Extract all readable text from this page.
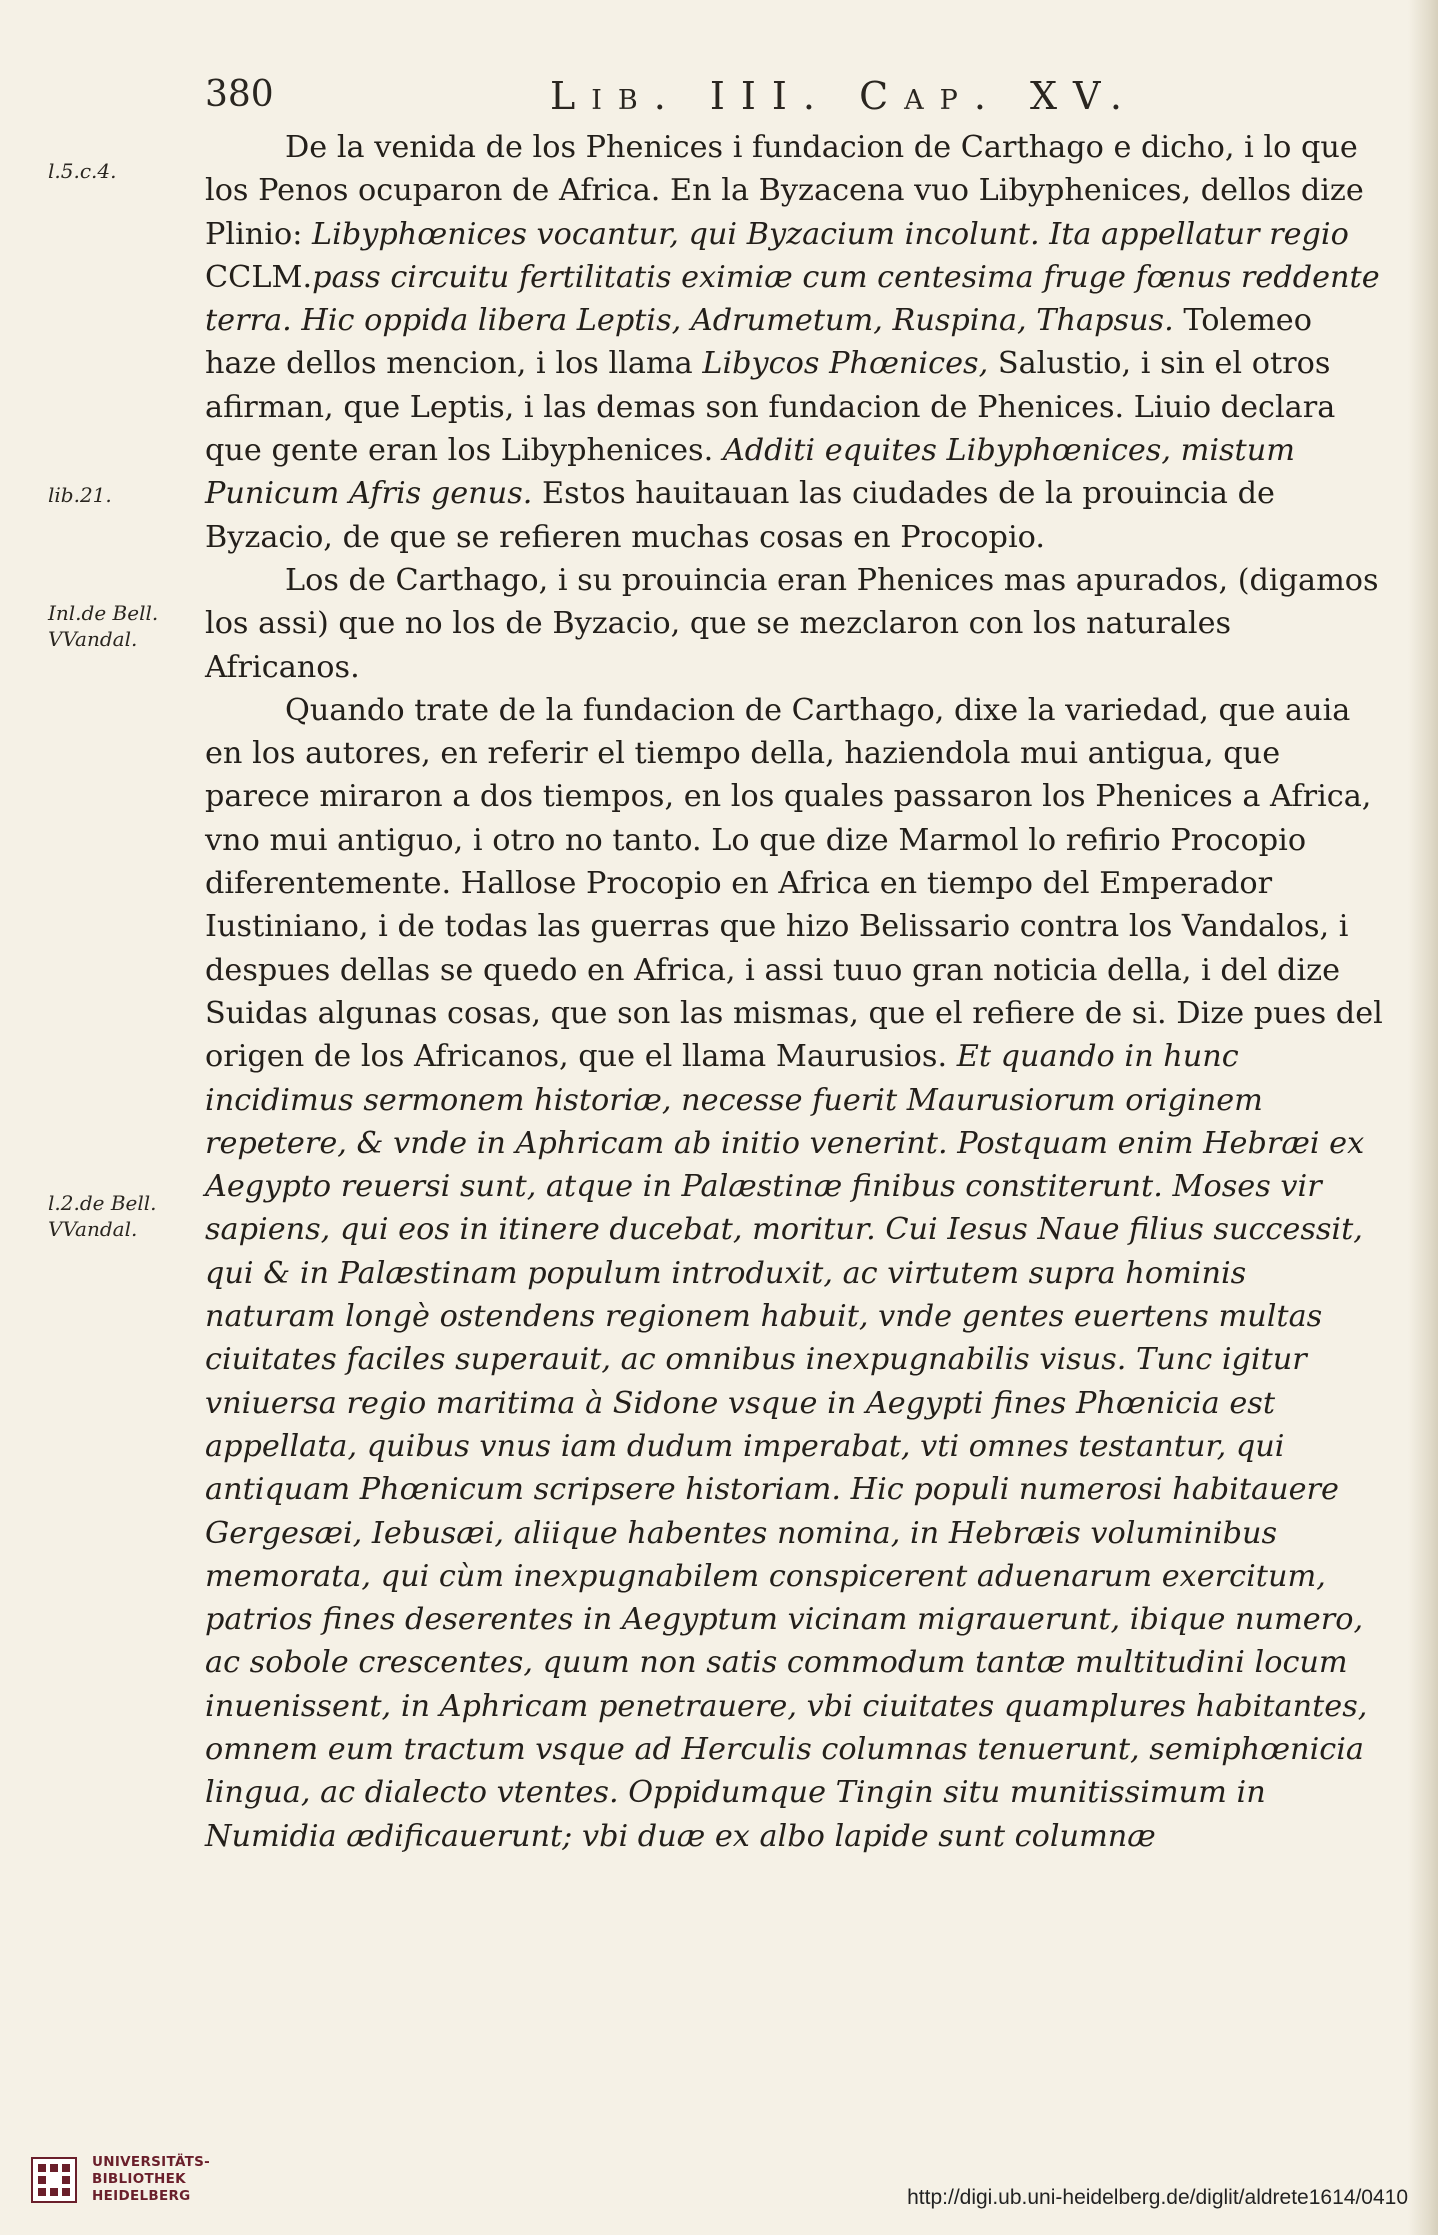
380	Lib. III. Cap. XV.
l.5.c.4.
lib.21.
Inl.de Bell. VVandal.
l.2.de Bell. VVandal.

De la venida de los Phenices i fundacion de Carthago e dicho, i lo que los Penos ocuparon de Africa. En la Byzacena vuo Libyphenices, dellos dize Plinio: Libyphœnices vocantur, qui Byzacium incolunt. Ita appellatur regio CCLM.pass circuitu fertilitatis eximiæ cum centesima fruge fœnus reddente terra. Hic oppida libera Leptis, Adrumetum, Ruspina, Thapsus. Tolemeo haze dellos mencion, i los llama Libycos Phœnices, Salustio, i sin el otros afirman, que Leptis, i las demas son fundacion de Phenices. Liuio declara que gente eran los Libyphenices. Additi equites Libyphœnices, mistum Punicum Afris genus. Estos hauitauan las ciudades de la prouincia de Byzacio, de que se refieren muchas cosas en Procopio.

Los de Carthago, i su prouincia eran Phenices mas apurados, (digamos los assi) que no los de Byzacio, que se mezclaron con los naturales Africanos.

Quando trate de la fundacion de Carthago, dixe la variedad, que auia en los autores, en referir el tiempo della, haziendola mui antigua, que parece miraron a dos tiempos, en los quales passaron los Phenices a Africa, vno mui antiguo, i otro no tanto. Lo que dize Marmol lo refirio Procopio diferentemente. Hallose Procopio en Africa en tiempo del Emperador Iustiniano, i de todas las guerras que hizo Belissario contra los Vandalos, i despues dellas se quedo en Africa, i assi tuuo gran noticia della, i del dize Suidas algunas cosas, que son las mismas, que el refiere de si. Dize pues del origen de los Africanos, que el llama Maurusios. Et quando in hunc incidimus sermonem historiæ, necesse fuerit Maurusiorum originem repetere, & vnde in Aphricam ab initio venerint. Postquam enim Hebræi ex Aegypto reuersi sunt, atque in Palæstinæ finibus constiterunt. Moses vir sapiens, qui eos in itinere ducebat, moritur. Cui Iesus Naue filius successit, qui & in Palæstinam populum introduxit, ac virtutem supra hominis naturam longè ostendens regionem habuit, vnde gentes euertens multas ciuitates faciles superauit, ac omnibus inexpugnabilis visus. Tunc igitur vniuersa regio maritima à Sidone vsque in Aegypti fines Phœnicia est appellata, quibus vnus iam dudum imperabat, vti omnes testantur, qui antiquam Phœnicum scripsere historiam. Hic populi numerosi habitauere Gergesæi, Iebusæi, aliique habentes nomina, in Hebræis voluminibus memorata, qui cùm inexpugnabilem conspicerent aduenarum exercitum, patrios fines deserentes in Aegyptum vicinam migrauerunt, ibique numero, ac sobole crescentes, quum non satis commodum tantæ multitudini locum inuenissent, in Aphricam penetrauere, vbi ciuitates quamplures habitantes, omnem eum tractum vsque ad Herculis columnas tenuerunt, semiphœnicia lingua, ac dialecto vtentes. Oppidumque Tingin situ munitissimum in Numidia ædificauerunt; vbi duæ ex albo lapide sunt columnæ

UNIVERSITÄTS-
BIBLIOTHEK
HEIDELBERG	http://digi.ub.uni-heidelberg.de/diglit/aldrete1614/0410
